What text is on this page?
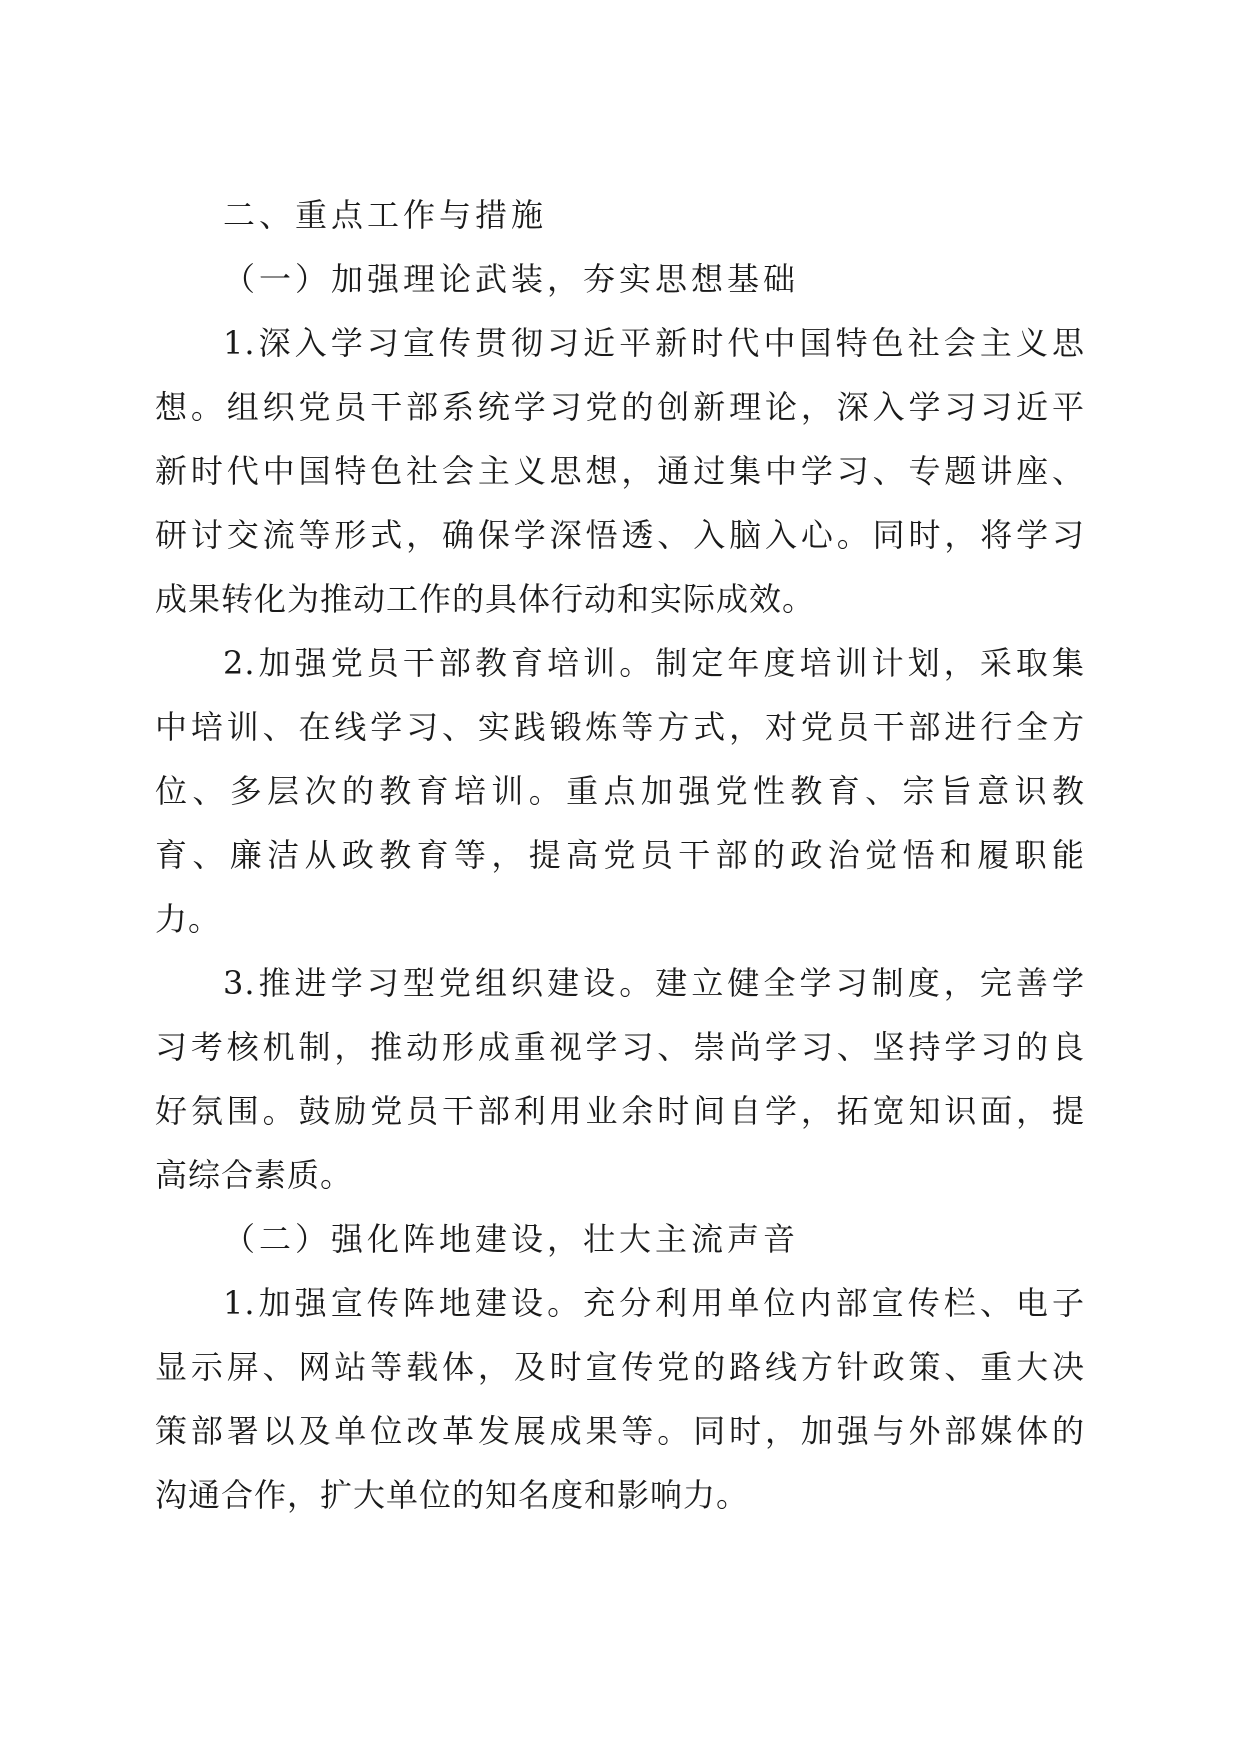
二、重点工作与措施
（一）加强理论武装，夯实思想基础
1.深入学习宣传贯彻习近平新时代中国特色社会主义思
想。组织党员干部系统学习党的创新理论，深入学习习近平
新时代中国特色社会主义思想，通过集中学习、专题讲座、
研讨交流等形式，确保学深悟透、入脑入心。同时，将学习
成果转化为推动工作的具体行动和实际成效。
2.加强党员干部教育培训。制定年度培训计划，采取集
中培训、在线学习、实践锻炼等方式，对党员干部进行全方
位、多层次的教育培训。重点加强党性教育、宗旨意识教
育、廉洁从政教育等，提高党员干部的政治觉悟和履职能
力。
3.推进学习型党组织建设。建立健全学习制度，完善学
习考核机制，推动形成重视学习、崇尚学习、坚持学习的良
好氛围。鼓励党员干部利用业余时间自学，拓宽知识面，提
高综合素质。
（二）强化阵地建设，壮大主流声音
1.加强宣传阵地建设。充分利用单位内部宣传栏、电子
显示屏、网站等载体，及时宣传党的路线方针政策、重大决
策部署以及单位改革发展成果等。同时，加强与外部媒体的
沟通合作，扩大单位的知名度和影响力。
